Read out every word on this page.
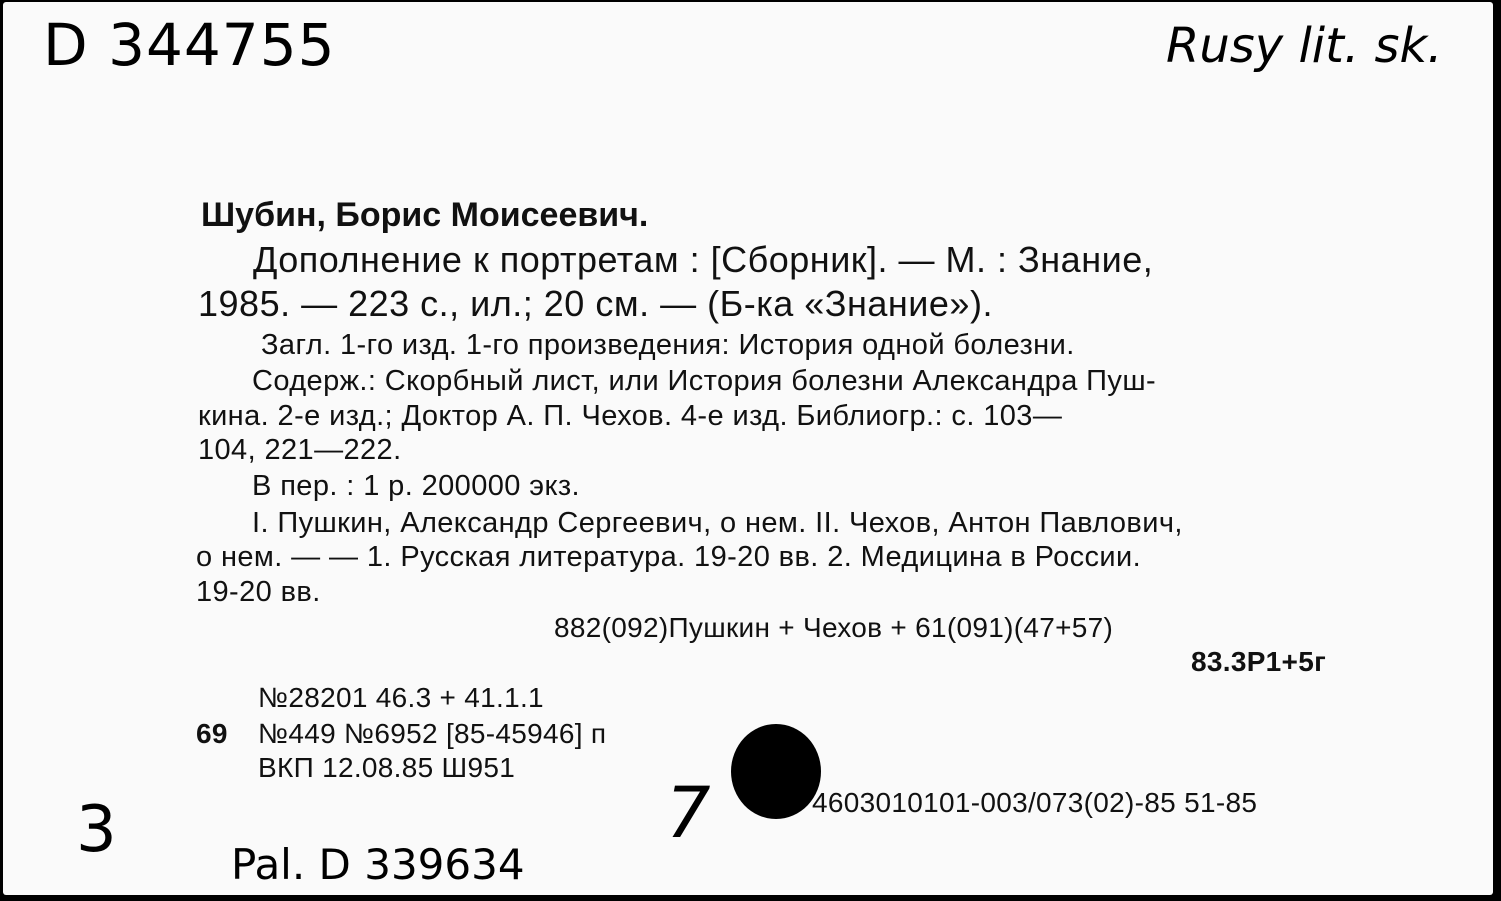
D 344755	Rusy lit. sk.
Шубин, Борис Моисеевич.
Дополнение к портретам : [Сборник]. — М. : Знание,
1985. — 223 с., ил.; 20 см. — (Б-ка «Знание»).
Загл. 1-го изд. 1-го произведения: История одной болезни.
Содерж.: Скорбный лист, или История болезни Александра Пуш-
кина. 2-е изд.; Доктор А. П. Чехов. 4-е изд. Библиогр.: с. 103—
104, 221—222.
В пер. : 1 р. 200000 экз.
I. Пушкин, Александр Сергеевич, о нем. II. Чехов, Антон Павлович,
о нем. — — 1. Русская литература. 19-20 вв. 2. Медицина в России.
19-20 вв.
882(092)Пушкин + Чехов + 61(091)(47+57)
83.3Р1+5г
№28201 46.3 + 41.1.1
69 №449 №6952 [85-45946] п
ВКП 12.08.85 Ш951
4603010101-003/073(02)-85 51-85
3	7
Pal. D 339634
